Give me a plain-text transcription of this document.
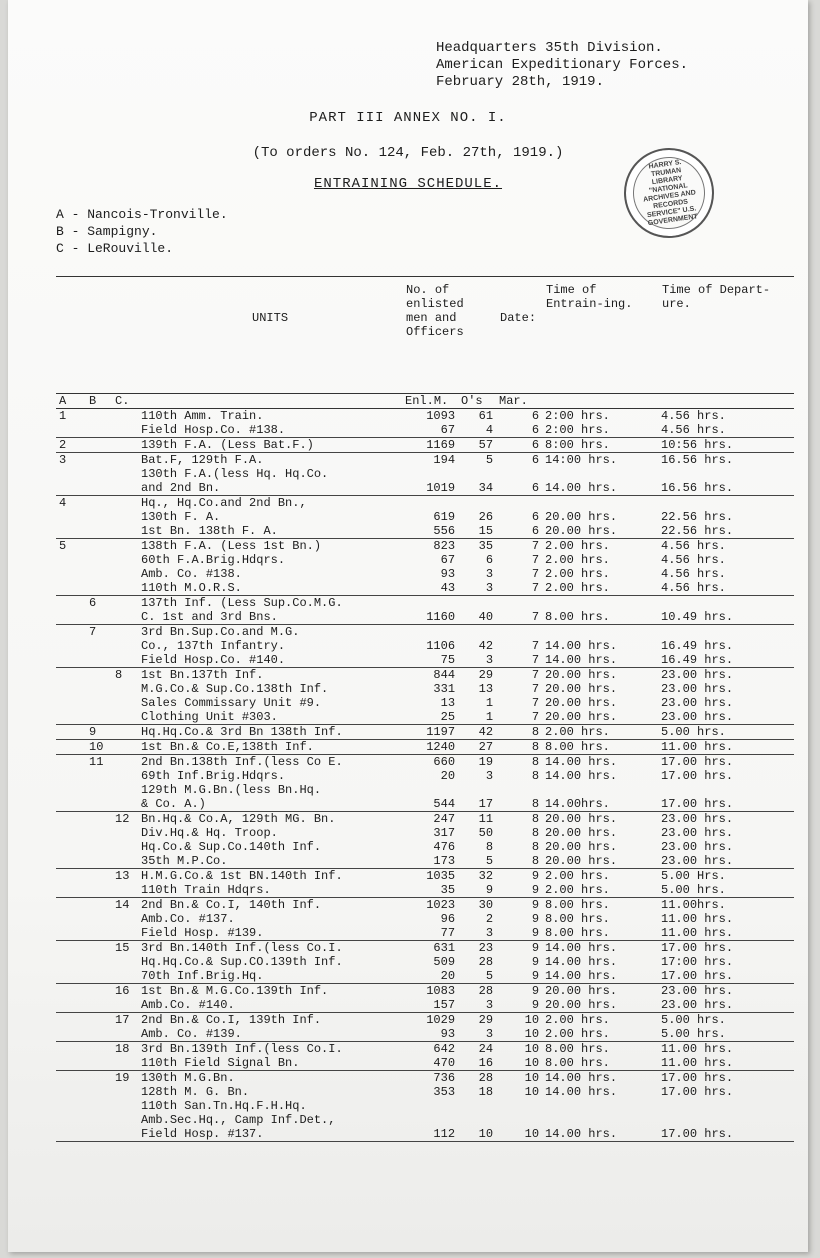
Headquarters 35th Division.
American Expeditionary Forces.
February 28th, 1919.
PART III ANNEX NO. I.
(To orders No. 124, Feb. 27th, 1919.)
ENTRAINING SCHEDULE.
HARRY S. TRUMAN LIBRARY "NATIONAL ARCHIVES AND RECORDS SERVICE" U.S. GOVERNMENT
A - Nancois-Tronville.
B - Sampigny.
C - LeRouville.
			UNITS	No. of enlisted men and Officers		Date:	Time of Entrain-ing.	Time of Depart-ure.
A	B	C.		Enl.M.	O's	Mar.		
1			110th Amm. Train.	1093	61	6	2:00 hrs.	4.56 hrs.
			Field Hosp.Co. #138.	67	4	6	2:00 hrs.	4.56 hrs.
2			139th F.A. (Less Bat.F.)	1169	57	6	8:00 hrs.	10:56 hrs.
3			Bat.F, 129th F.A.	194	5	6	14:00 hrs.	16.56 hrs.
			130th F.A.(less Hq. Hq.Co.					
			and 2nd Bn.	1019	34	6	14.00 hrs.	16.56 hrs.
4			Hq., Hq.Co.and 2nd Bn.,					
			130th F. A.	619	26	6	20.00 hrs.	22.56 hrs.
			1st Bn. 138th F. A.	556	15	6	20.00 hrs.	22.56 hrs.
5			138th F.A. (Less 1st Bn.)	823	35	7	2.00 hrs.	4.56 hrs.
			60th F.A.Brig.Hdqrs.	67	6	7	2.00 hrs.	4.56 hrs.
			Amb. Co. #138.	93	3	7	2.00 hrs.	4.56 hrs.
			110th M.O.R.S.	43	3	7	2.00 hrs.	4.56 hrs.
	6		137th Inf. (Less Sup.Co.M.G.					
			C. 1st and 3rd Bns.	1160	40	7	8.00 hrs.	10.49 hrs.
	7		3rd Bn.Sup.Co.and M.G.					
			Co., 137th Infantry.	1106	42	7	14.00 hrs.	16.49 hrs.
			Field Hosp.Co. #140.	75	3	7	14.00 hrs.	16.49 hrs.
		8	1st Bn.137th Inf.	844	29	7	20.00 hrs.	23.00 hrs.
			M.G.Co.& Sup.Co.138th Inf.	331	13	7	20.00 hrs.	23.00 hrs.
			Sales Commissary Unit #9.	13	1	7	20.00 hrs.	23.00 hrs.
			Clothing Unit #303.	25	1	7	20.00 hrs.	23.00 hrs.
	9		Hq.Hq.Co.& 3rd Bn 138th Inf.	1197	42	8	2.00 hrs.	5.00 hrs.
	10		1st Bn.& Co.E,138th Inf.	1240	27	8	8.00 hrs.	11.00 hrs.
	11		2nd Bn.138th Inf.(less Co E.	660	19	8	14.00 hrs.	17.00 hrs.
			69th Inf.Brig.Hdqrs.	20	3	8	14.00 hrs.	17.00 hrs.
			129th M.G.Bn.(less Bn.Hq.					
			& Co. A.)	544	17	8	14.00hrs.	17.00 hrs.
		12	Bn.Hq.& Co.A, 129th MG. Bn.	247	11	8	20.00 hrs.	23.00 hrs.
			Div.Hq.& Hq. Troop.	317	50	8	20.00 hrs.	23.00 hrs.
			Hq.Co.& Sup.Co.140th Inf.	476	8	8	20.00 hrs.	23.00 hrs.
			35th M.P.Co.	173	5	8	20.00 hrs.	23.00 hrs.
		13	H.M.G.Co.& 1st BN.140th Inf.	1035	32	9	2.00 hrs.	5.00 Hrs.
			110th Train Hdqrs.	35	9	9	2.00 hrs.	5.00 hrs.
		14	2nd Bn.& Co.I, 140th Inf.	1023	30	9	8.00 hrs.	11.00hrs.
			Amb.Co. #137.	96	2	9	8.00 hrs.	11.00 hrs.
			Field Hosp. #139.	77	3	9	8.00 hrs.	11.00 hrs.
		15	3rd Bn.140th Inf.(less Co.I.	631	23	9	14.00 hrs.	17.00 hrs.
			Hq.Hq.Co.& Sup.CO.139th Inf.	509	28	9	14.00 hrs.	17:00 hrs.
			70th Inf.Brig.Hq.	20	5	9	14.00 hrs.	17.00 hrs.
		16	1st Bn.& M.G.Co.139th Inf.	1083	28	9	20.00 hrs.	23.00 hrs.
			Amb.Co. #140.	157	3	9	20.00 hrs.	23.00 hrs.
		17	2nd Bn.& Co.I, 139th Inf.	1029	29	10	2.00 hrs.	5.00 hrs.
			Amb. Co. #139.	93	3	10	2.00 hrs.	5.00 hrs.
		18	3rd Bn.139th Inf.(less Co.I.	642	24	10	8.00 hrs.	11.00 hrs.
			110th Field Signal Bn.	470	16	10	8.00 hrs.	11.00 hrs.
		19	130th M.G.Bn.	736	28	10	14.00 hrs.	17.00 hrs.
			128th M. G. Bn.	353	18	10	14.00 hrs.	17.00 hrs.
			110th San.Tn.Hq.F.H.Hq.					
			Amb.Sec.Hq., Camp Inf.Det.,					
			Field Hosp. #137.	112	10	10	14.00 hrs.	17.00 hrs.
